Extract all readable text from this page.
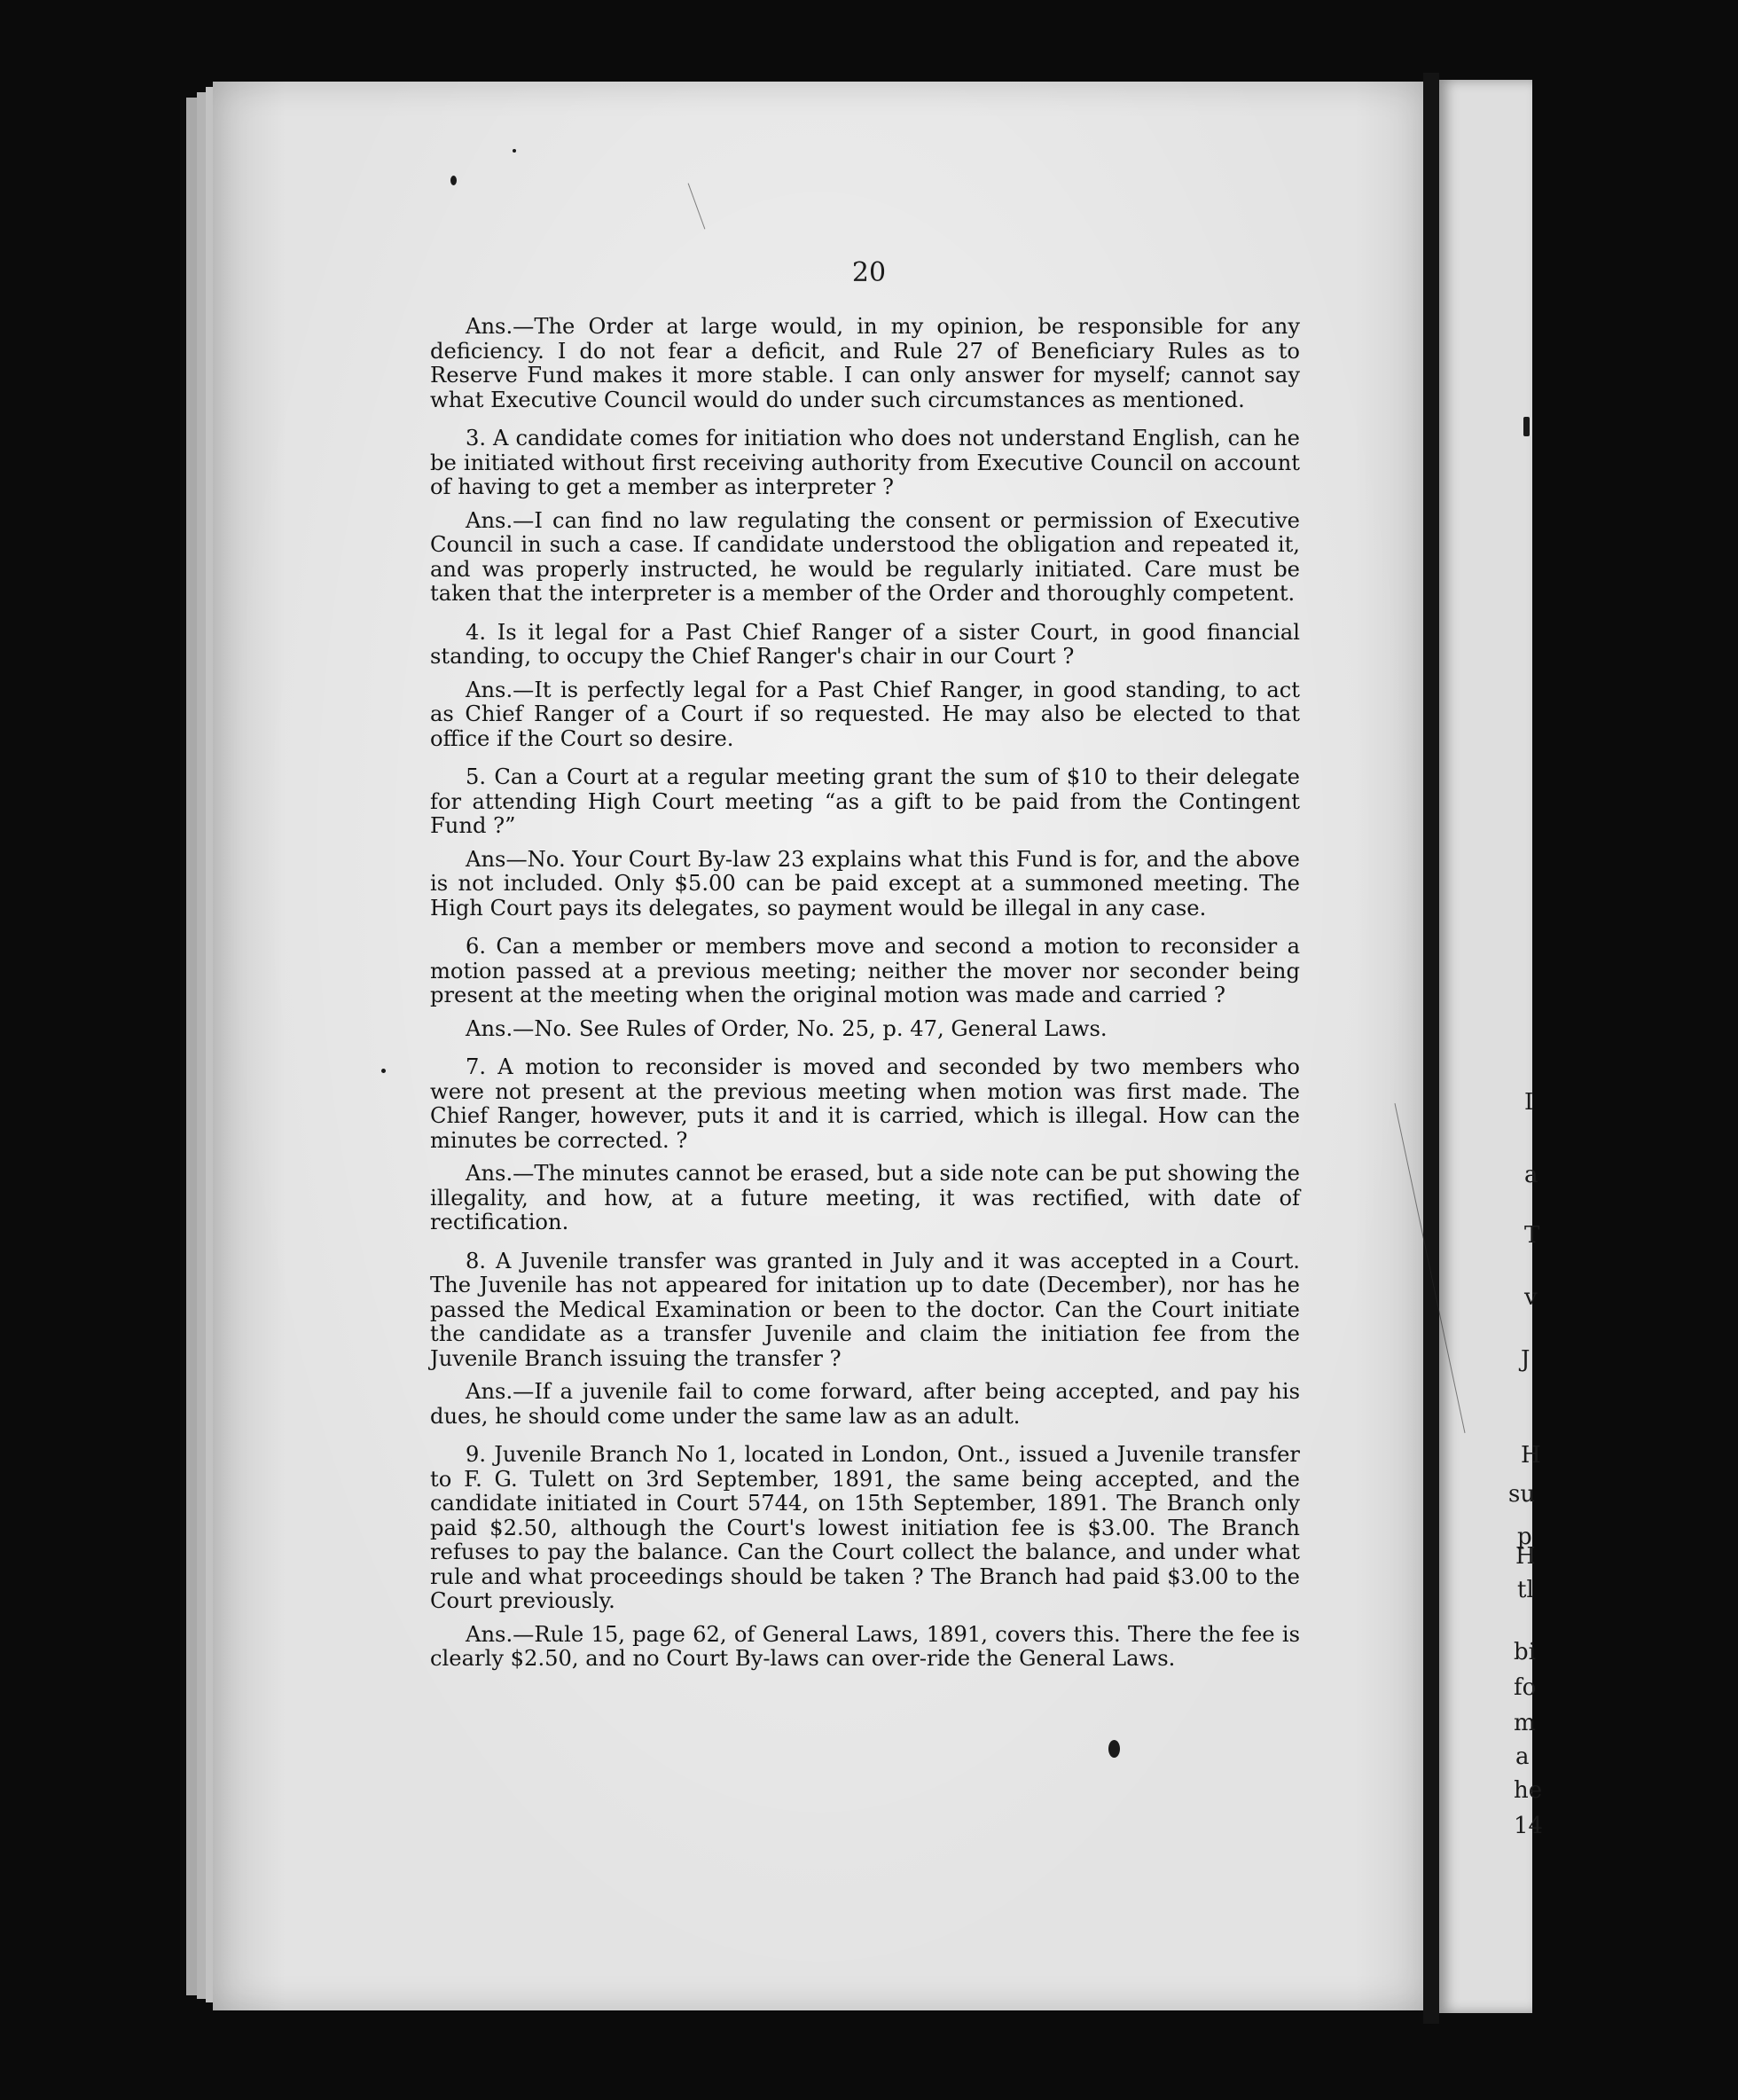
20

Ans.—The Order at large would, in my opinion, be responsible for any deficiency. I do not fear a deficit, and Rule 27 of Beneficiary Rules as to Reserve Fund makes it more stable. I can only answer for myself; cannot say what Executive Council would do under such circumstances as mentioned.

3. A candidate comes for initiation who does not understand English, can he be initiated without first receiving authority from Executive Council on account of having to get a member as interpreter ?

Ans.—I can find no law regulating the consent or permission of Executive Council in such a case. If candidate understood the obligation and repeated it, and was properly instructed, he would be regularly initiated. Care must be taken that the interpreter is a member of the Order and thoroughly competent.

4. Is it legal for a Past Chief Ranger of a sister Court, in good financial standing, to occupy the Chief Ranger's chair in our Court ?

Ans.—It is perfectly legal for a Past Chief Ranger, in good standing, to act as Chief Ranger of a Court if so requested. He may also be elected to that office if the Court so desire.

5. Can a Court at a regular meeting grant the sum of $10 to their delegate for attending High Court meeting “as a gift to be paid from the Contingent Fund ?”

Ans—No. Your Court By-law 23 explains what this Fund is for, and the above is not included. Only $5.00 can be paid except at a summoned meeting. The High Court pays its delegates, so payment would be illegal in any case.

6. Can a member or members move and second a motion to reconsider a motion passed at a previous meeting; neither the mover nor seconder being present at the meeting when the original motion was made and carried ?

Ans.—No. See Rules of Order, No. 25, p. 47, General Laws.

7. A motion to reconsider is moved and seconded by two members who were not present at the previous meeting when motion was first made. The Chief Ranger, however, puts it and it is carried, which is illegal. How can the minutes be corrected. ?

Ans.—The minutes cannot be erased, but a side note can be put showing the illegality, and how, at a future meeting, it was rectified, with date of rectification.

8. A Juvenile transfer was granted in July and it was accepted in a Court. The Juvenile has not appeared for initation up to date (December), nor has he passed the Medical Examination or been to the doctor. Can the Court initiate the candidate as a transfer Juvenile and claim the initiation fee from the Juvenile Branch issuing the transfer ?

Ans.—If a juvenile fail to come forward, after being accepted, and pay his dues, he should come under the same law as an adult.

9. Juvenile Branch No 1, located in London, Ont., issued a Juvenile transfer to F. G. Tulett on 3rd September, 1891, the same being accepted, and the candidate initiated in Court 5744, on 15th September, 1891. The Branch only paid $2.50, although the Court's lowest initiation fee is $3.00. The Branch refuses to pay the balance. Can the Court collect the balance, and under what rule and what proceedings should be taken ? The Branch had paid $3.00 to the Court previously.

Ans.—Rule 15, page 62, of General Laws, 1891, covers this. There the fee is clearly $2.50, and no Court By-laws can over-ride the General Laws.

I
a
T
v
J
H
su
p
H
tl
bi
fo
m
a
he
14
